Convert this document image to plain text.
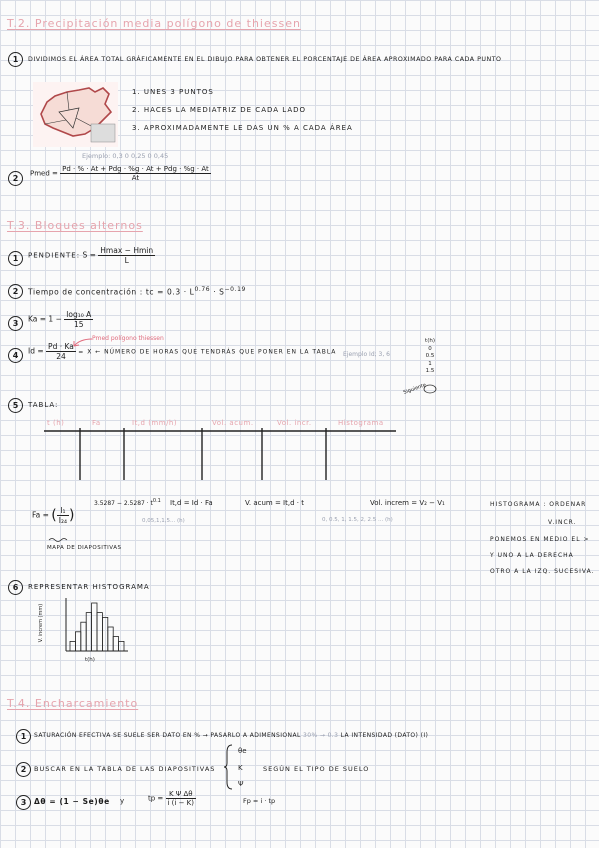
T.2. Precipitación media polígono de thiessen
1	DIVIDIMOS EL ÁREA TOTAL GRÁFICAMENTE EN EL DIBUJO PARA OBTENER EL PORCENTAJE DE ÁREA APROXIMADO PARA CADA PUNTO
1. UNES 3 PUNTOS
2. HACES LA MEDIATRIZ DE CADA LADO
3. APROXIMADAMENTE LE DAS UN % A CADA ÁREA
Ejemplo: 0,3 0 0,25 0 0,45
2
Pmed = $\frac{\text{Pd · \% · At + Pdg · \%g · At + Pdg · \%g · At}}{At}$
T.3. Bloques alternos
1	PENDIENTE: $S = \frac{Hmax - Hmin}{L}$
2	Tiempo de concentración : tc = $0.3 \cdot L^{0.76} \cdot S^{-0.19}$
3	$Ka = 1 - \frac{\text{log₁₀ A}}{15}$
Pmed polígono thiessen
4	$Id = \frac{Pd \cdot Ka}{24} = X$ ← NÚMERO DE HORAS QUE TENDRÁS QUE PONER EN LA TABLA Ejemplo Id; 3, 6
t(h)
0
0.5
1
1.5
Siguiente
5	TABLA:
t (h)	Fa	It,d (mm/h)	Vol. acum.	Vol. incr.	Histograma
Fa = ( $\frac{\text{I₁}}{\text{I₂₄}}$ )
$3.5287 - 2.5287 \cdot t^{0.1}$
MAPA DE DIAPOSITIVAS
It,d = Id · Fa
0,05,1,1,5... (h)
V. acum = It,d · t
0, 0.5, 1, 1.5, 2, 2.5 ... (h)
Vol. increm = V₂ − V₁	HISTOGRAMA : ORDENAR
V.INCR.
PONEMOS EN MEDIO EL >
Y UNO A LA DERECHA
OTRO A LA IZQ. SUCESIVA.
6	REPRESENTAR HISTOGRAMA
V. increm (mm)
t(h)
T.4. Encharcamiento
1	SATURACIÓN EFECTIVA SE SUELE SER DATO EN % → PASARLO A ADIMENSIONAL 30% → 0.3 LA INTENSIDAD (DATO) (I)
2	BUSCAR EN LA TABLA DE LAS DIAPOSITIVAS
θe
K
Ψ
SEGÚN EL TIPO DE SUELO
3	Δθ = (1 − Se)θe y	tp = $\frac{\text{K Ψ Δθ}}{i (i - K)}$	Fp = i · tp
